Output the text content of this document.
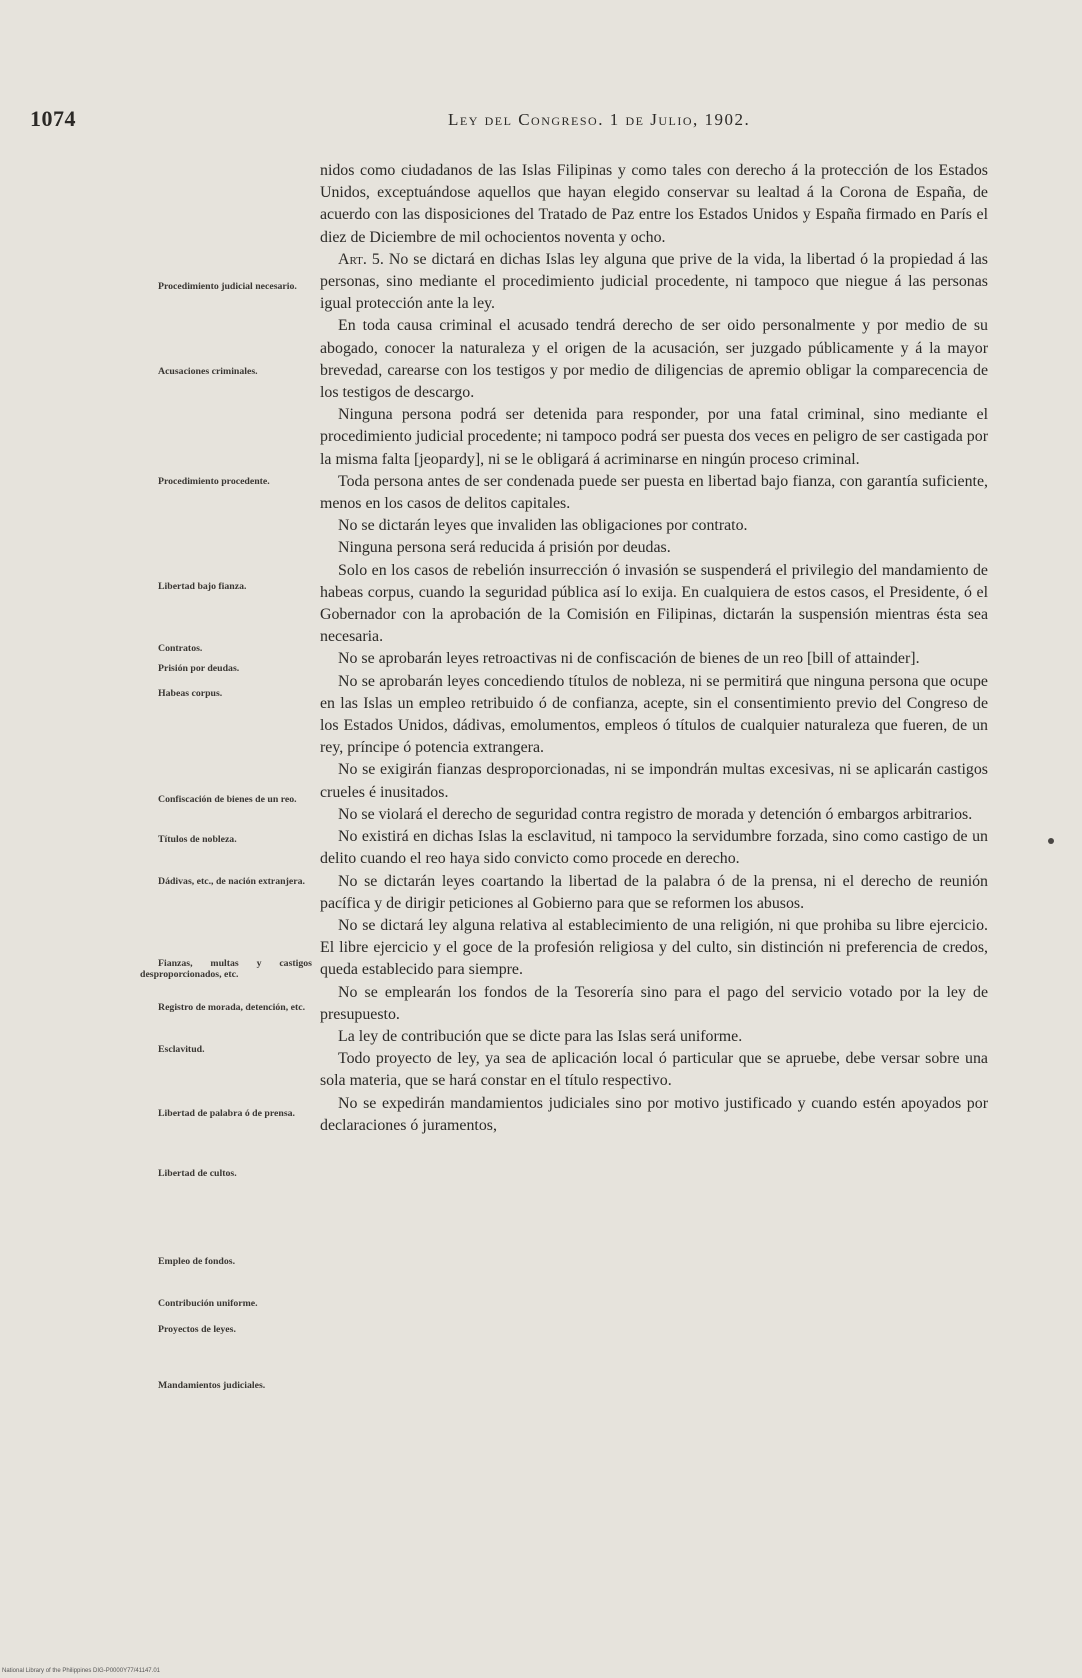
1074	Ley del Congreso. 1 de Julio, 1902.
Procedimiento judicial necesario.
Acusaciones criminales.
Procedimiento procedente.
Libertad bajo fianza.
Contratos.
Prisión por deudas.
Habeas corpus.
Confiscación de bienes de un reo.
Títulos de nobleza.
Dádivas, etc., de nación extranjera.
Fianzas, multas y castigos desproporcionados, etc.
Registro de morada, detención, etc.
Esclavitud.
Libertad de palabra ó de prensa.
Libertad de cultos.
Empleo de fondos.
Contribución uniforme.
Proyectos de leyes.
Mandamientos judiciales.

nidos como ciudadanos de las Islas Filipinas y como tales con derecho á la protección de los Estados Unidos, exceptuándose aquellos que hayan elegido conservar su lealtad á la Corona de España, de acuerdo con las disposiciones del Tratado de Paz entre los Estados Unidos y España firmado en París el diez de Diciembre de mil ochocientos noventa y ocho.

Art. 5. No se dictará en dichas Islas ley alguna que prive de la vida, la libertad ó la propiedad á las personas, sino mediante el procedimiento judicial procedente, ni tampoco que niegue á las personas igual protección ante la ley.

En toda causa criminal el acusado tendrá derecho de ser oido personalmente y por medio de su abogado, conocer la naturaleza y el origen de la acusación, ser juzgado públicamente y á la mayor brevedad, carearse con los testigos y por medio de diligencias de apremio obligar la comparecencia de los testigos de descargo.

Ninguna persona podrá ser detenida para responder, por una fatal criminal, sino mediante el procedimiento judicial procedente; ni tampoco podrá ser puesta dos veces en peligro de ser castigada por la misma falta [jeopardy], ni se le obligará á acriminarse en ningún proceso criminal.

Toda persona antes de ser condenada puede ser puesta en libertad bajo fianza, con garantía suficiente, menos en los casos de delitos capitales.

No se dictarán leyes que invaliden las obligaciones por contrato.

Ninguna persona será reducida á prisión por deudas.

Solo en los casos de rebelión insurrección ó invasión se suspenderá el privilegio del mandamiento de habeas corpus, cuando la seguridad pública así lo exija. En cualquiera de estos casos, el Presidente, ó el Gobernador con la aprobación de la Comisión en Filipinas, dictarán la suspensión mientras ésta sea necesaria.

No se aprobarán leyes retroactivas ni de confiscación de bienes de un reo [bill of attainder].

No se aprobarán leyes concediendo títulos de nobleza, ni se permitirá que ninguna persona que ocupe en las Islas un empleo retribuido ó de confianza, acepte, sin el consentimiento previo del Congreso de los Estados Unidos, dádivas, emolumentos, empleos ó títulos de cualquier naturaleza que fueren, de un rey, príncipe ó potencia extrangera.

No se exigirán fianzas desproporcionadas, ni se impondrán multas excesivas, ni se aplicarán castigos crueles é inusitados.

No se violará el derecho de seguridad contra registro de morada y detención ó embargos arbitrarios.

No existirá en dichas Islas la esclavitud, ni tampoco la servidumbre forzada, sino como castigo de un delito cuando el reo haya sido convicto como procede en derecho.

No se dictarán leyes coartando la libertad de la palabra ó de la prensa, ni el derecho de reunión pacífica y de dirigir peticiones al Gobierno para que se reformen los abusos.

No se dictará ley alguna relativa al establecimiento de una religión, ni que prohiba su libre ejercicio. El libre ejercicio y el goce de la profesión religiosa y del culto, sin distinción ni preferencia de credos, queda establecido para siempre.

No se emplearán los fondos de la Tesorería sino para el pago del servicio votado por la ley de presupuesto.

La ley de contribución que se dicte para las Islas será uniforme.

Todo proyecto de ley, ya sea de aplicación local ó particular que se apruebe, debe versar sobre una sola materia, que se hará constar en el título respectivo.

No se expedirán mandamientos judiciales sino por motivo justificado y cuando estén apoyados por declaraciones ó juramentos,

National Library of the Philippines DIG-P0000Y77/41147.01
